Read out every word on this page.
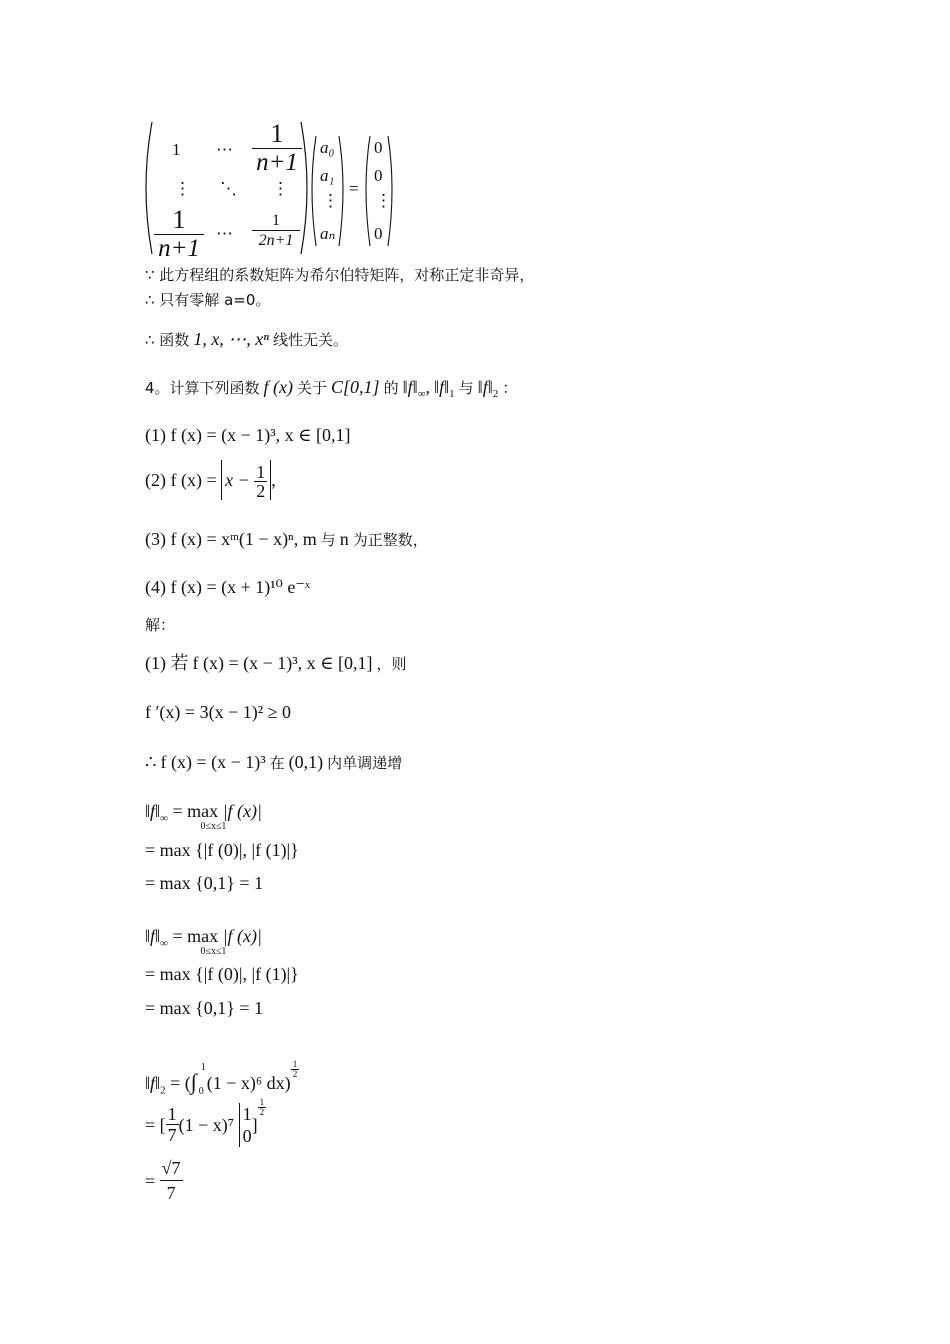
1 ⋯ $\frac{1}{n+1}$
⋮ ⋱ ⋮
$\frac{1}{n+1}$ ⋯ $\frac{1}{2n+1}$
a₀
a₁
⋮
aₙ
=
0
0
⋮
0
∵ 此方程组的系数矩阵为希尔伯特矩阵，对称正定非奇异，
∴ 只有零解 a=0。
∴ 函数 1, x, ⋯, xⁿ 线性无关。
4。计算下列函数 f (x) 关于 C[0,1] 的 $‖f‖_\infty$, $‖f‖_1$ 与 $‖f‖_2$ ：
(1) f (x) = (x − 1)³, x ∈ [0,1]
(2) f $(x) = x - \frac{1}{2}$ ,
(3) f (x) = xᵐ(1 − x)ⁿ, m 与 n 为正整数，
(4) f (x) = (x + 1)¹⁰ e⁻ˣ
解：
(1) 若 f (x) = (x − 1)³, x ∈ [0,1] ，则
f ′(x) = 3(x − 1)² ≥ 0
∴ f (x) = (x − 1)³ 在 (0,1) 内单调递增
$‖f‖_\infty = \max$
0≤x≤1
|f (x)|
= max {|f (0)|, |f (1)|}
= max {0,1} = 1
$‖f‖_\infty = \max$
0≤x≤1
|f (x)|
= max {|f (0)|, |f (1)|}
= max {0,1} = 1
$‖f‖_2$ = (∫
1
0 (1 − x)⁶ dx)
$\frac{1}{2}$
= [ $\frac{1}{7} (1 - x)^7$
1
0
]
$\frac{1}{2}$
= $\frac{√7}{7}$
